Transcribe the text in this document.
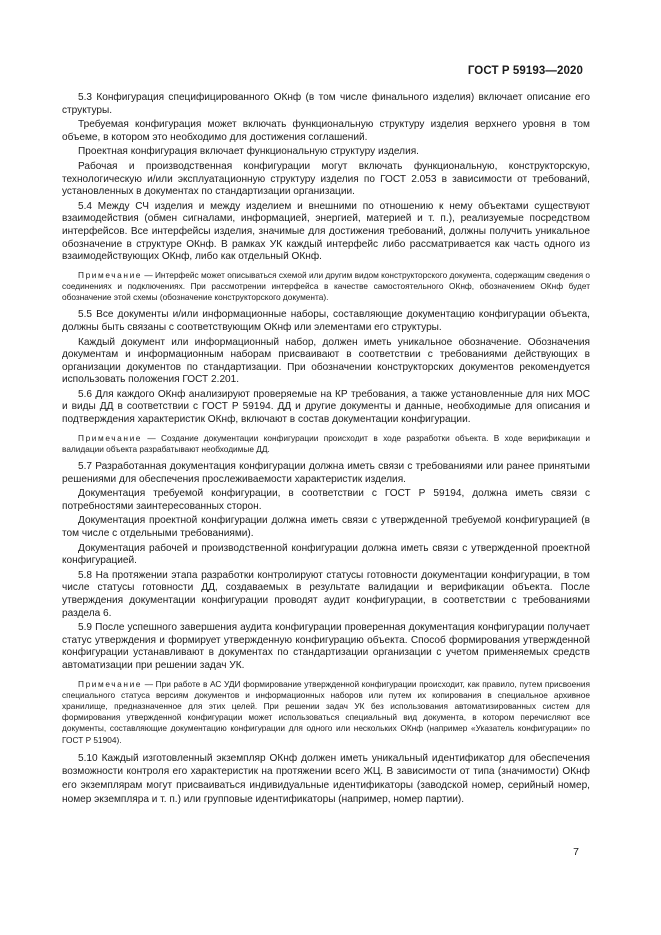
ГОСТ Р 59193—2020

5.3 Конфигурация специфицированного ОКнф (в том числе финального изделия) включает описание его структуры.

Требуемая конфигурация может включать функциональную структуру изделия верхнего уровня в том объеме, в котором это необходимо для достижения соглашений.

Проектная конфигурация включает функциональную структуру изделия.

Рабочая и производственная конфигурации могут включать функциональную, конструкторскую, технологическую и/или эксплуатационную структуру изделия по ГОСТ 2.053 в зависимости от требований, установленных в документах по стандартизации организации.

5.4 Между СЧ изделия и между изделием и внешними по отношению к нему объектами существуют взаимодействия (обмен сигналами, информацией, энергией, материей и т. п.), реализуемые посредством интерфейсов. Все интерфейсы изделия, значимые для достижения требований, должны получить уникальное обозначение в структуре ОКнф. В рамках УК каждый интерфейс либо рассматривается как часть одного из взаимодействующих ОКнф, либо как отдельный ОКнф.

Примечание — Интерфейс может описываться схемой или другим видом конструкторского документа, содержащим сведения о соединениях и подключениях. При рассмотрении интерфейса в качестве самостоятельного ОКнф, обозначением ОКнф будет обозначение этой схемы (обозначение конструкторского документа).

5.5 Все документы и/или информационные наборы, составляющие документацию конфигурации объекта, должны быть связаны с соответствующим ОКнф или элементами его структуры.

Каждый документ или информационный набор, должен иметь уникальное обозначение. Обозначения документам и информационным наборам присваивают в соответствии с требованиями действующих в организации документов по стандартизации. При обозначении конструкторских документов рекомендуется использовать положения ГОСТ 2.201.

5.6 Для каждого ОКнф анализируют проверяемые на КР требования, а также установленные для них МОС и виды ДД в соответствии с ГОСТ Р 59194. ДД и другие документы и данные, необходимые для описания и подтверждения характеристик ОКнф, включают в состав документации конфигурации.

Примечание — Создание документации конфигурации происходит в ходе разработки объекта. В ходе верификации и валидации объекта разрабатывают необходимые ДД.

5.7 Разработанная документация конфигурации должна иметь связи с требованиями или ранее принятыми решениями для обеспечения прослеживаемости характеристик изделия.

Документация требуемой конфигурации, в соответствии с ГОСТ Р 59194, должна иметь связи с потребностями заинтересованных сторон.

Документация проектной конфигурации должна иметь связи с утвержденной требуемой конфигурацией (в том числе с отдельными требованиями).

Документация рабочей и производственной конфигурации должна иметь связи с утвержденной проектной конфигурацией.

5.8 На протяжении этапа разработки контролируют статусы готовности документации конфигурации, в том числе статусы готовности ДД, создаваемых в результате валидации и верификации объекта. После утверждения документации конфигурации проводят аудит конфигурации, в соответствии с требованиями раздела 6.

5.9 После успешного завершения аудита конфигурации проверенная документация конфигурации получает статус утверждения и формирует утвержденную конфигурацию объекта. Способ формирования утвержденной конфигурации устанавливают в документах по стандартизации организации с учетом применяемых средств автоматизации при решении задач УК.

Примечание — При работе в АС УДИ формирование утвержденной конфигурации происходит, как правило, путем присвоения специального статуса версиям документов и информационных наборов или путем их копирования в специальное архивное хранилище, предназначенное для этих целей. При решении задач УК без использования автоматизированных систем для формирования утвержденной конфигурации может использоваться специальный вид документа, в котором перечисляют все документы, составляющие документацию конфигурации для одного или нескольких ОКнф (например «Указатель конфигурации» по ГОСТ Р 51904).

5.10 Каждый изготовленный экземпляр ОКнф должен иметь уникальный идентификатор для обеспечения возможности контроля его характеристик на протяжении всего ЖЦ. В зависимости от типа (значимости) ОКнф его экземплярам могут присваиваться индивидуальные идентификаторы (заводской номер, серийный номер, номер экземпляра и т. п.) или групповые идентификаторы (например, номер партии).

7
